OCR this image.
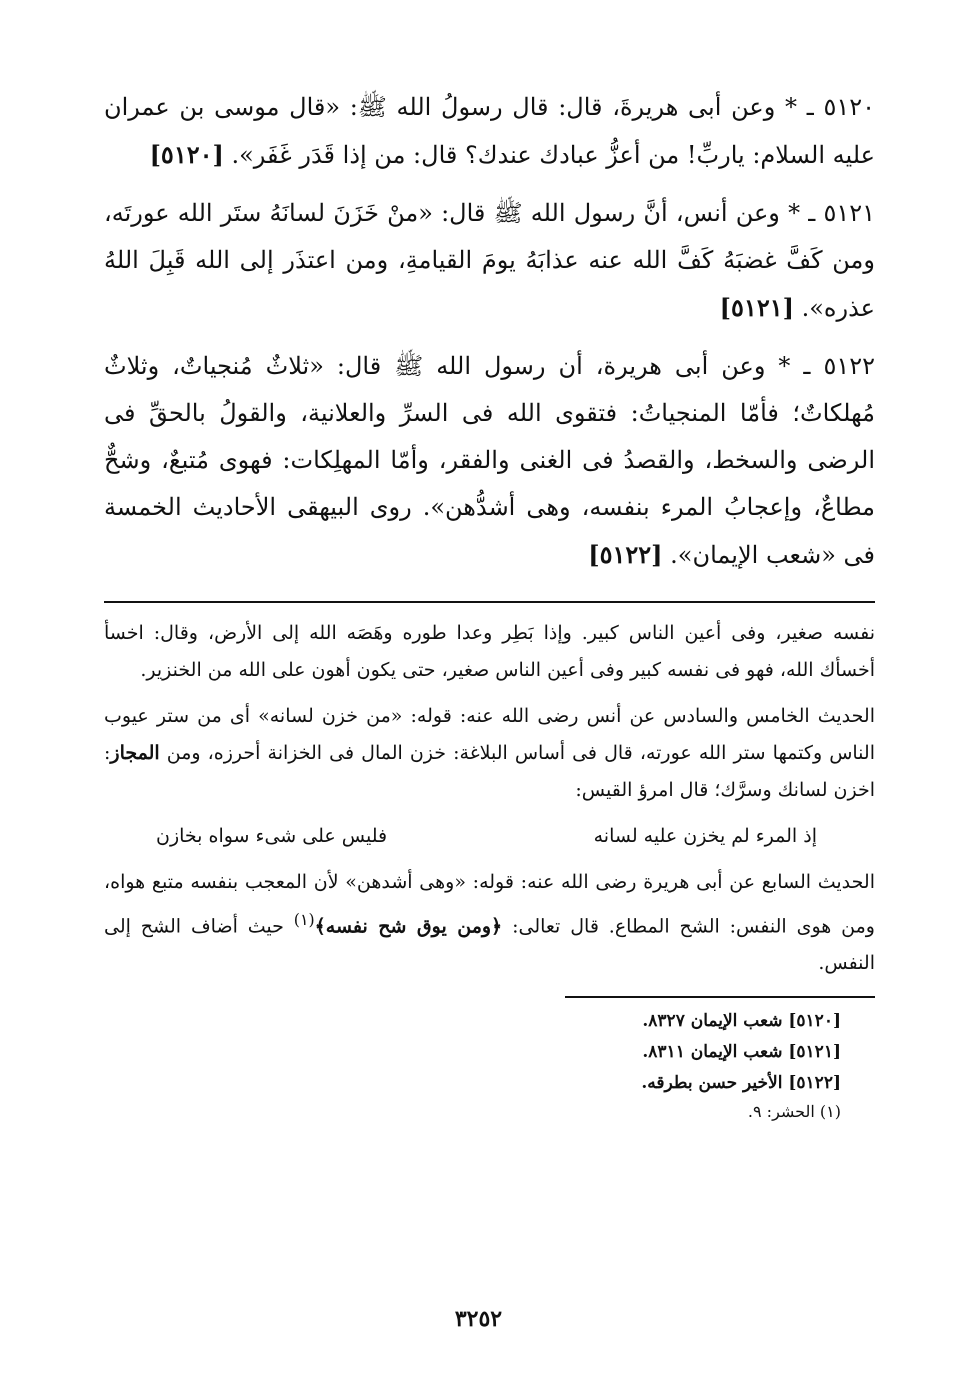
٥١٢٠ ـ * وعن أبى هريرةَ، قال: قال رسولُ الله ﷺ: «قال موسى بن عمران عليه السلام: ياربِّ! من أعزُّ عبادك عندك؟ قال: من إذا قَدَر غَفَر». [٥١٢٠]
٥١٢١ ـ * وعن أنس، أنَّ رسول الله ﷺ قال: «منْ خَزَنَ لسانَهُ ستَر الله عورتَه، ومن كَفَّ غضبَهُ كَفَّ الله عنه عذابَهُ يومَ القيامةِ، ومن اعتذَر إلى الله قَبِلَ اللهُ عذره». [٥١٢١]
٥١٢٢ ـ * وعن أبى هريرة، أن رسول الله ﷺ قال: «ثلاثٌ مُنجياتٌ، وثلاثٌ مُهلكاتٌ؛ فأمّا المنجياتُ: فتقوى الله فى السرِّ والعلانية، والقولُ بالحقِّ فى الرضى والسخط، والقصدُ فى الغنى والفقر، وأمّا المهلِكات: فهوى مُتبعٌ، وشحٌّ مطاعٌ، وإعجابُ المرء بنفسه، وهى أشدُّهن». روى البيهقى الأحاديث الخمسة فى «شعب الإيمان». [٥١٢٢]

نفسه صغير، وفى أعين الناس كبير. وإذا بَطِر وعدا طوره وهَصَه الله إلى الأرض، وقال: اخسأ أخسأك الله، فهو فى نفسه كبير وفى أعين الناس صغير، حتى يكون أهون على الله من الخنزير.

الحديث الخامس والسادس عن أنس رضى الله عنه: قوله: «من خزن لسانه» أى من ستر عيوب الناس وكتمها ستر الله عورته، قال فى أساس البلاغة: خزن المال فى الخزانة أحرزه، ومن المجاز: اخزن لسانك وسرَّك؛ قال امرؤ القيس:

إذ المرء لم يخزن عليه لسانه
فليس على شىء سواه بخازن

الحديث السابع عن أبى هريرة رضى الله عنه: قوله: «وهى أشدهن» لأن المعجب بنفسه متبع هواه، ومن هوى النفس: الشح المطاع. قال تعالى: ﴿ومن يوق شح نفسه﴾$^{(١)}$ حيث أضاف الشح إلى النفس.

[٥١٢٠] شعب الإيمان ٨٣٢٧.
[٥١٢١] شعب الإيمان ٨٣١١.
[٥١٢٢] الأخير حسن بطرقه.
(١) الحشر: ٩.
٣٢٥٢
